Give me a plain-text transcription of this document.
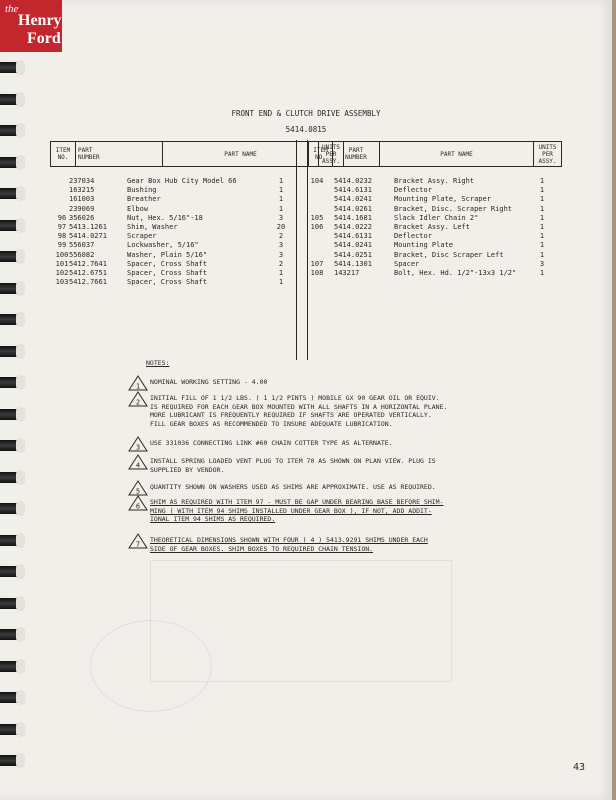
the
Henry
Ford
FRONT END & CLUTCH DRIVE ASSEMBLY
5414.0815
ITEM
NO.
PART
NUMBER	PART NAME
UNITS
PER
ASSY.
237034	Gear Box Hub City Model 66	1
163215	Bushing	1
161003	Breather	1
239069	Elbow	1
96 356026	Nut, Hex. 5/16"-18	3
97 5413.1261	Shim, Washer	20
98 5414.0271	Scraper	2
99 556037	Lockwasher, 5/16"	3
100 556082	Washer, Plain 5/16"	3
101 5412.7641	Spacer, Cross Shaft	2
102 5412.6751	Spacer, Cross Shaft	1
103 5412.7661	Spacer, Cross Shaft	1
ITEM
NO.
PART
NUMBER	PART NAME
UNITS
PER
ASSY.
104	5414.0232	Bracket Assy. Right	1
5414.6131	Deflector	1
5414.0241	Mounting Plate, Scraper	1
5414.0261	Bracket, Disc. Scraper Right	1
105	5414.1681	Slack Idler Chain 2"	1
106	5414.0222	Bracket Assy. Left	1
5414.6131	Deflector	1
5414.0241	Mounting Plate	1
5414.0251	Bracket, Disc Scraper Left	1
107	5414.1301	Spacer	3
108	143217	Bolt, Hex. Hd. 1/2"-13x3 1/2"	1
NOTES:
1
NOMINAL WORKING SETTING - 4.00
2
INITIAL FILL OF 1 1/2 LBS. ( 1 1/2 PINTS ) MOBILE GX 90 GEAR OIL OR EQUIV.
IS REQUIRED FOR EACH GEAR BOX MOUNTED WITH ALL SHAFTS IN A HORIZONTAL PLANE.
MORE LUBRICANT IS FREQUENTLY REQUIRED IF SHAFTS ARE OPERATED VERTICALLY.
FILL GEAR BOXES AS RECOMMENDED TO INSURE ADEQUATE LUBRICATION.
3
USE 331036 CONNECTING LINK #60 CHAIN COTTER TYPE AS ALTERNATE.
4
INSTALL SPRING LOADED VENT PLUG TO ITEM 70 AS SHOWN ON PLAN VIEW. PLUG IS
SUPPLIED BY VENDOR.
5
QUANTITY SHOWN ON WASHERS USED AS SHIMS ARE APPROXIMATE. USE AS REQUIRED.
6
SHIM AS REQUIRED WITH ITEM 97 - MUST BE GAP UNDER BEARING BASE BEFORE SHIM-
MING ( WITH ITEM 94 SHIMS INSTALLED UNDER GEAR BOX ), IF NOT, ADD ADDIT-
IONAL ITEM 94 SHIMS AS REQUIRED.
7
THEORETICAL DIMENSIONS SHOWN WITH FOUR ( 4 ) 5413.9291 SHIMS UNDER EACH
SIDE OF GEAR BOXES. SHIM BOXES TO REQUIRED CHAIN TENSION.
43
